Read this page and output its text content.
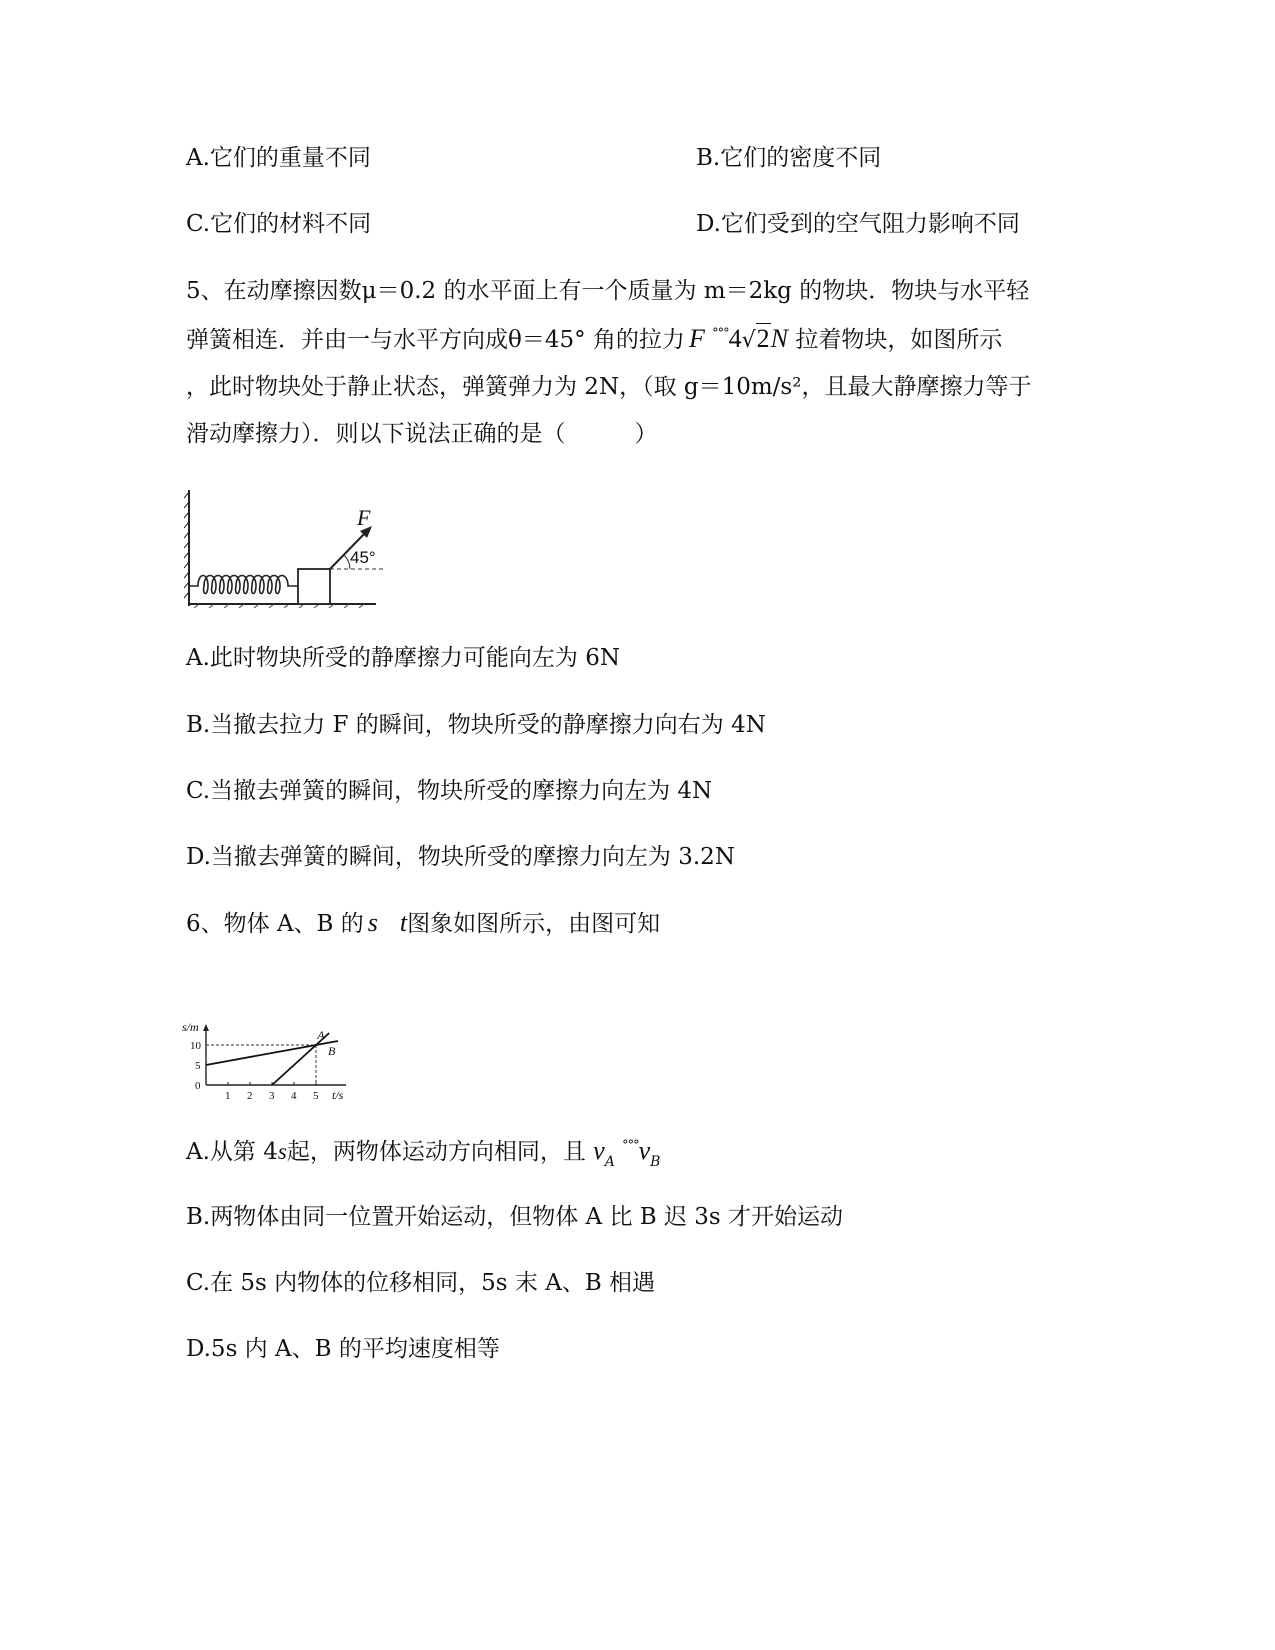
A.它们的重量不同	B.它们的密度不同
C.它们的材料不同	D.它们受到的空气阻力影响不同
5、在动摩擦因数μ＝0.2 的水平面上有一个质量为 m＝2kg 的物块．物块与水平轻
弹簧相连．并由一与水平方向成θ＝45° 角的拉力 F °°°4√2N 拉着物块，如图所示
，此时物块处于静止状态，弹簧弹力为 2N，（取 g＝10m/s²，且最大静摩擦力等于
滑动摩擦力）．则以下说法正确的是（　　　）
F
45°
A.此时物块所受的静摩擦力可能向左为 6N
B.当撤去拉力 F 的瞬间，物块所受的静摩擦力向右为 4N
C.当撤去弹簧的瞬间，物块所受的摩擦力向左为 4N
D.当撤去弹簧的瞬间，物块所受的摩擦力向左为 3.2N
6、物体 A、B 的 s t图象如图所示，由图可知
t/s
s/m
1 2 3 4 5
0
5
10
A
B
A.从第 4s起，两物体运动方向相同，且 $v_A$ $^{^\circ^\circ^\circ}v_B$
B.两物体由同一位置开始运动，但物体 A 比 B 迟 3s 才开始运动
C.在 5s 内物体的位移相同，5s 末 A、B 相遇
D.5s 内 A、B 的平均速度相等
